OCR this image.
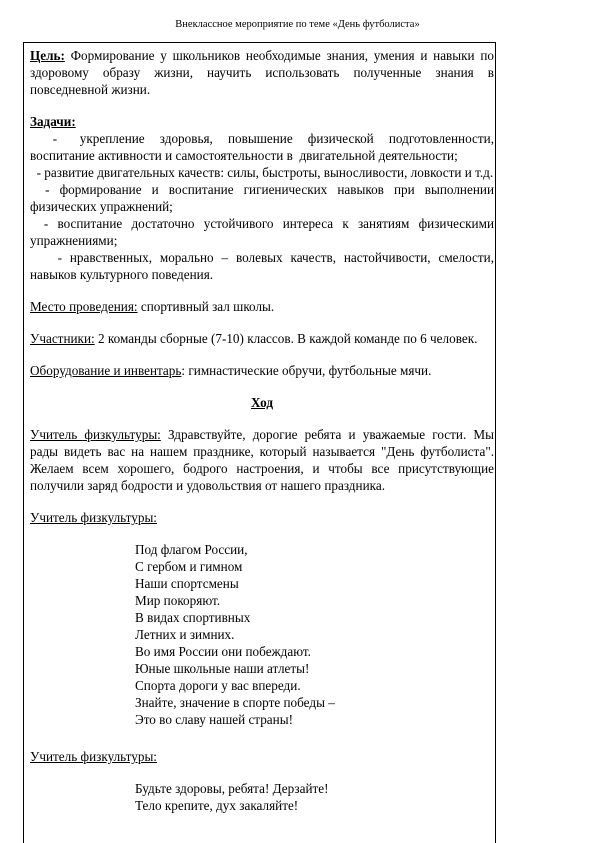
Внеклассное мероприятие по теме «День футболиста»

Цель: Формирование у школьников необходимые знания, умения и навыки по здоровому образу жизни, научить использовать полученные знания в повседневной жизни.

Задачи:

-   укрепление  здоровья,  повышение  физической  подготовленности, воспитание активности и самостоятельности в  двигательной деятельности;

- развитие двигательных качеств: силы, быстроты, выносливости, ловкости и т.д.

-  формирование  и  воспитание  гигиенических  навыков  при  выполнении физических упражнений;

-  воспитание  достаточно  устойчивого  интереса  к  занятиям  физическими упражнениями;

-  нравственных,  морально  –  волевых  качеств,  настойчивости,  смелости, навыков культурного поведения.

Место проведения: спортивный зал школы.

Участники: 2 команды сборные (7-10) классов. В каждой команде по 6 человек.

Оборудование и инвентарь: гимнастические обручи, футбольные мячи.

Ход

Учитель физкультуры: Здравствуйте, дорогие ребята и уважаемые гости. Мы рады видеть вас на нашем празднике, который называется "День футболиста". Желаем всем хорошего, бодрого настроения, и чтобы все присутствующие получили заряд бодрости и удовольствия от нашего праздника.

Учитель физкультуры:

Под флагом России,

С гербом и гимном

Наши спортсмены

Мир покоряют.

В видах спортивных

Летних и зимних.

Во имя России они побеждают.

Юные школьные наши атлеты!

Спорта дороги у вас впереди.

Знайте, значение в спорте победы –

Это во славу нашей страны!

Учитель физкультуры:

Будьте здоровы, ребята! Дерзайте!

Тело крепите, дух закаляйте!
